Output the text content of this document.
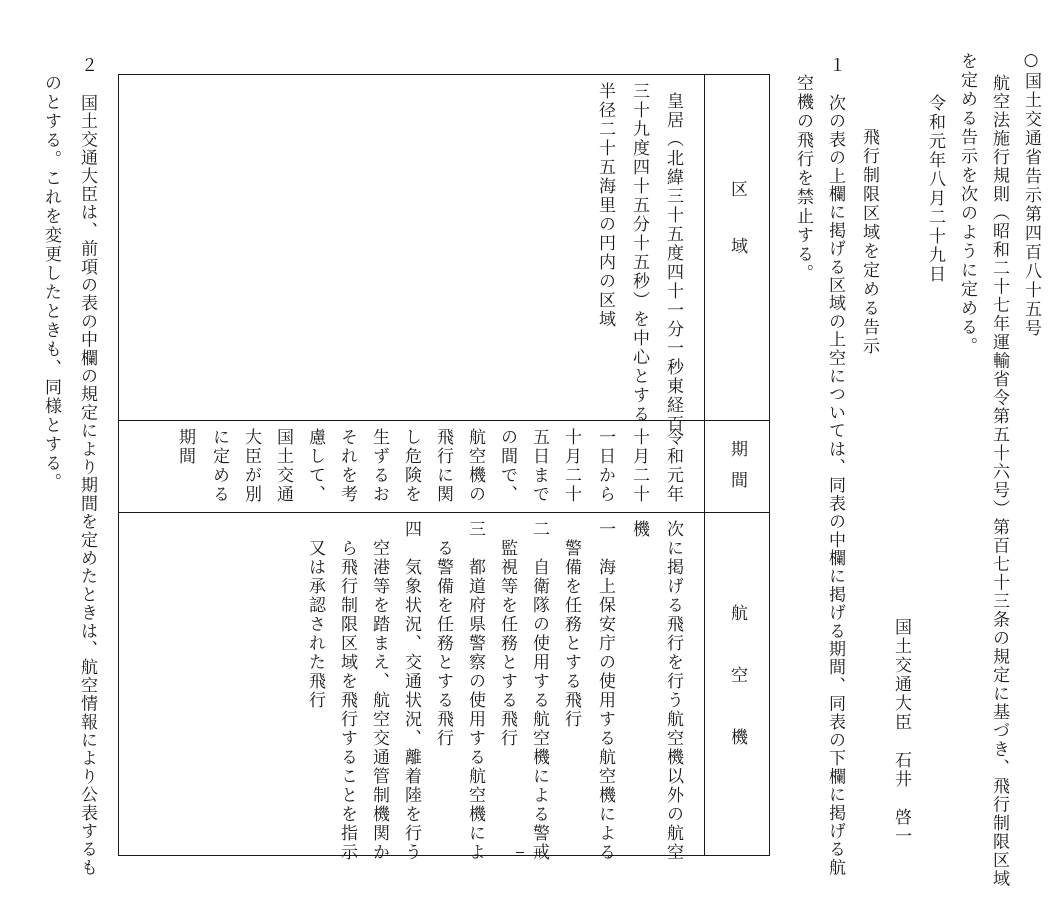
○国土交通省告示第四百八十五号
航空法施行規則（昭和二十七年運輸省令第五十六号）第百七十三条の規定に基づき、飛行制限区域
を定める告示を次のように定める。
令和元年八月二十九日
国土交通大臣　石井　啓一
飛行制限区域を定める告示
１
次の表の上欄に掲げる区域の上空については、同表の中欄に掲げる期間、同表の下欄に掲げる航
空機の飛行を禁止する。
区　　域
期間
航　空　機
皇居（北緯三十五度四十一分一秒東経百
三十九度四十五分十五秒）を中心とする
半径二十五海里の円内の区域
令和元年
十月二十
一日から
十月二十
五日まで
の間で、
航空機の
飛行に関
し危険を
生ずるお
それを考
慮して、
国土交通
大臣が別
に定める
期間
次に掲げる飛行を行う航空機以外の航空
機
一　海上保安庁の使用する航空機による
　警備を任務とする飛行
二　自衛隊の使用する航空機による警戒
　監視等を任務とする飛行
三　都道府県警察の使用する航空機によ
　る警備を任務とする飛行
四　気象状況、交通状況、離着陸を行う
　空港等を踏まえ、航空交通管制機関か
　ら飛行制限区域を飛行することを指示
　又は承認された飛行
２
国土交通大臣は、前項の表の中欄の規定により期間を定めたときは、航空情報により公表するも
のとする。これを変更したときも、同様とする。
